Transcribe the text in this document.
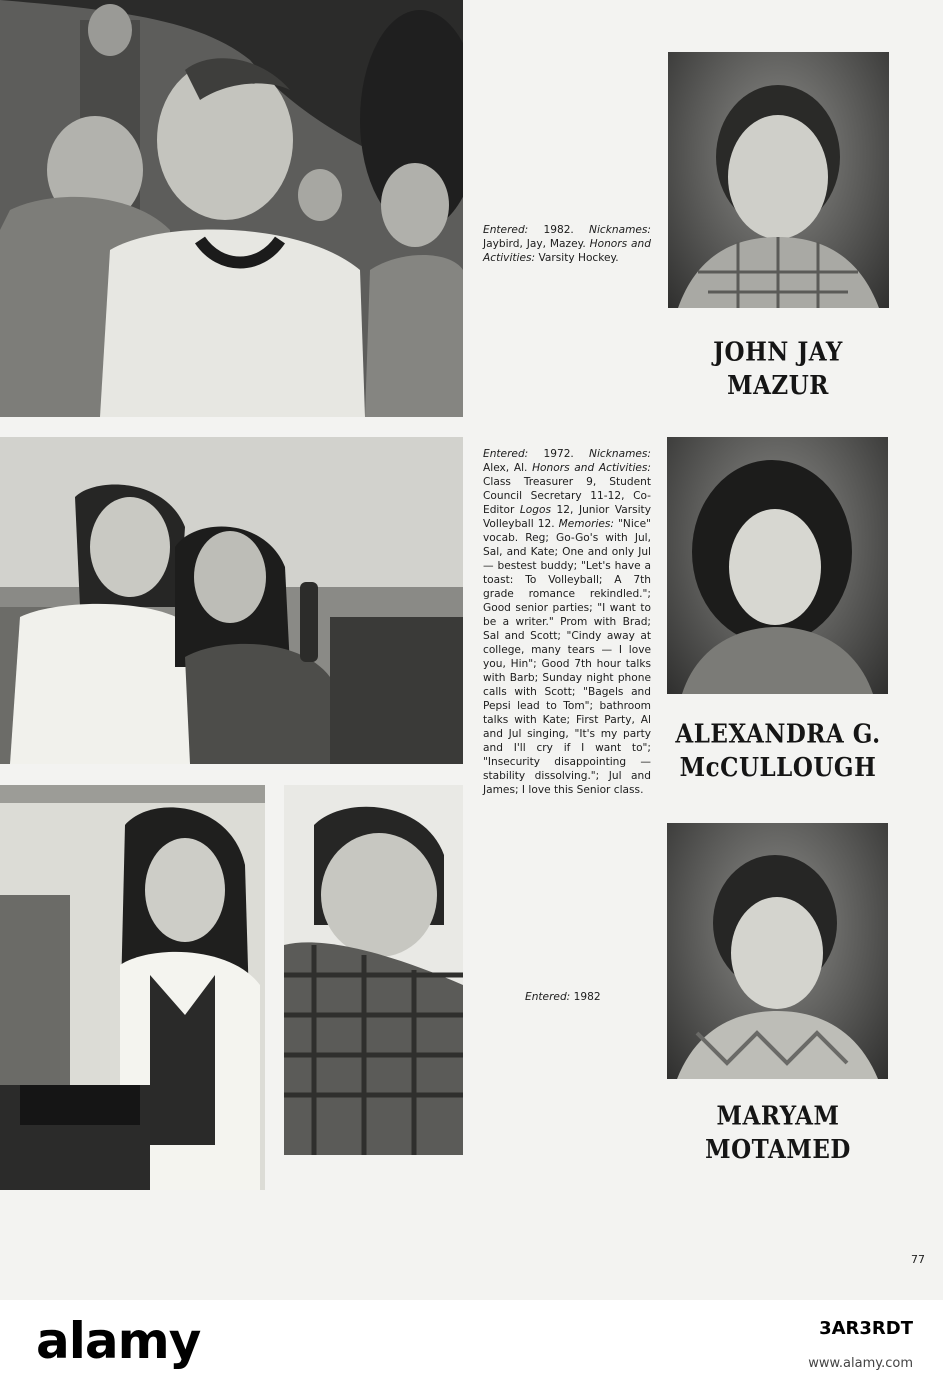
JOHN JAY
MAZUR
ALEXANDRA G.
McCULLOUGH
MARYAM
MOTAMED

Entered: 1982. Nicknames: Jaybird, Jay, Mazey. Honors and Activities: Varsity Hockey.

Entered: 1972. Nicknames: Alex, Al. Honors and Activities: Class Treasurer 9, Student Council Secretary 11-12, Co-Editor Logos 12, Junior Varsity Volleyball 12. Memories: "Nice" vocab. Reg; Go-Go's with Jul, Sal, and Kate; One and only Jul — bestest buddy; "Let's have a toast: To Volleyball; A 7th grade romance rekindled."; Good senior parties; "I want to be a writer." Prom with Brad; Sal and Scott; "Cindy away at college, many tears — I love you, Hin"; Good 7th hour talks with Barb; Sunday night phone calls with Scott; "Bagels and Pepsi lead to Tom"; bathroom talks with Kate; First Party, Al and Jul singing, "It's my party and I'll cry if I want to"; "Insecurity disappointing — stability dissolving."; Jul and James; I love this Senior class.

Entered: 1982

77
alamy	3AR3RDT
www.alamy.com
